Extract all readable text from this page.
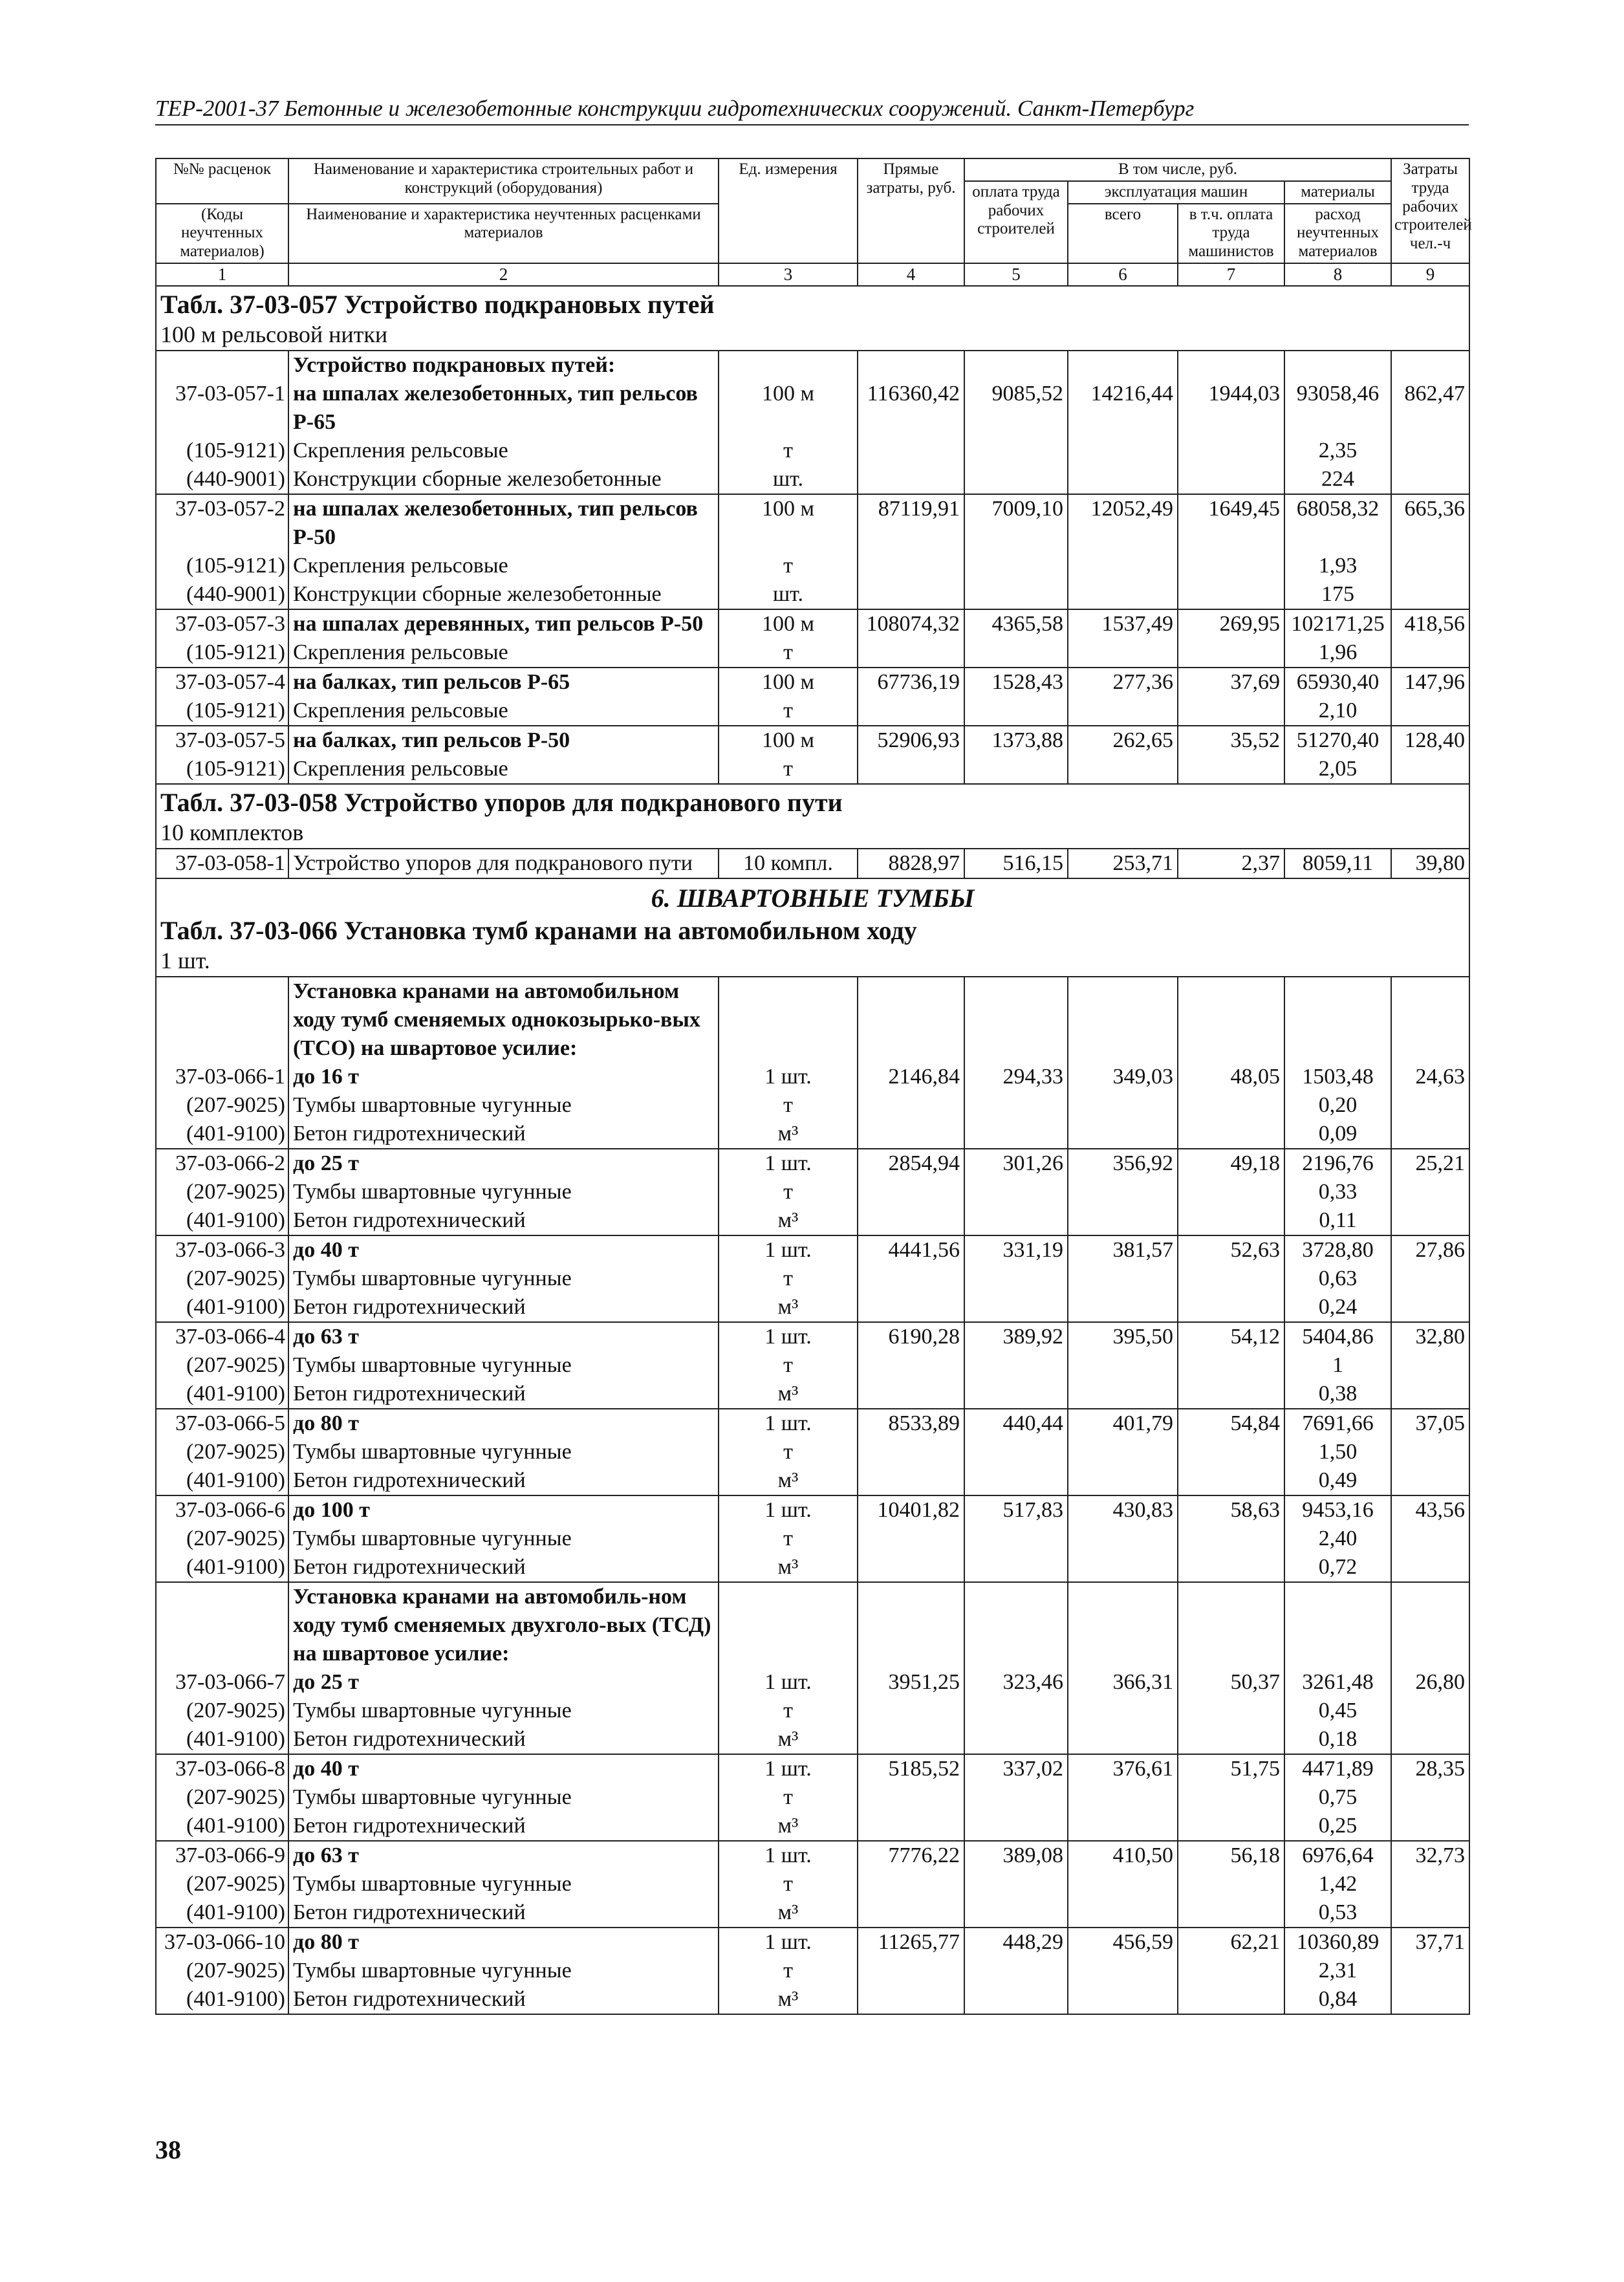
ТЕР-2001-37 Бетонные и железобетонные конструкции гидротехнических сооружений. Санкт-Петербург
№№ расценок	Наименование и характеристика строительных работ и конструкций (оборудования)	Ед. измерения	Прямые затраты, руб.	В том числе, руб.				Затраты труда рабочих строителей чел.-ч
				оплата труда рабочих строителей	эксплуатация машин		материалы	
(Коды неучтенных материалов)	Наименование и характеристика неучтенных расценками материалов				всего	в т.ч. оплата труда машинистов	расход неучтенных материалов	
1	2	3	4	5	6	7	8	9

Табл. 37-03-057 Устройство подкрановых путей
100 м рельсовой нитки								

	Устройство подкрановых путей:							
37-03-057-1	на шпалах железобетонных, тип рельсов Р-65	100 м	116360,42	9085,52	14216,44	1944,03	93058,46	862,47
(105-9121)	Скрепления рельсовые	т					2,35	
(440-9001)	Конструкции сборные железобетонные	шт.					224	
37-03-057-2	на шпалах железобетонных, тип рельсов Р-50	100 м	87119,91	7009,10	12052,49	1649,45	68058,32	665,36
(105-9121)	Скрепления рельсовые	т					1,93	
(440-9001)	Конструкции сборные железобетонные	шт.					175	
37-03-057-3	на шпалах деревянных, тип рельсов Р-50	100 м	108074,32	4365,58	1537,49	269,95	102171,25	418,56
(105-9121)	Скрепления рельсовые	т					1,96	
37-03-057-4	на балках, тип рельсов Р-65	100 м	67736,19	1528,43	277,36	37,69	65930,40	147,96
(105-9121)	Скрепления рельсовые	т					2,10	
37-03-057-5	на балках, тип рельсов Р-50	100 м	52906,93	1373,88	262,65	35,52	51270,40	128,40
(105-9121)	Скрепления рельсовые	т					2,05	

Табл. 37-03-058 Устройство упоров для подкранового пути
10 комплектов								

37-03-058-1	Устройство упоров для подкранового пути	10 компл.	8828,97	516,15	253,71	2,37	8059,11	39,80

6. ШВАРТОВНЫЕ ТУМБЫ
Табл. 37-03-066 Установка тумб кранами на автомобильном ходу
1 шт.								

	Установка кранами на автомобильном ходу тумб сменяемых однокозырько-вых (ТСО) на швартовое усилие:							
37-03-066-1	до 16 т	1 шт.	2146,84	294,33	349,03	48,05	1503,48	24,63
(207-9025)	Тумбы швартовные чугунные	т					0,20	
(401-9100)	Бетон гидротехнический	м³					0,09	
37-03-066-2	до 25 т	1 шт.	2854,94	301,26	356,92	49,18	2196,76	25,21
(207-9025)	Тумбы швартовные чугунные	т					0,33	
(401-9100)	Бетон гидротехнический	м³					0,11	
37-03-066-3	до 40 т	1 шт.	4441,56	331,19	381,57	52,63	3728,80	27,86
(207-9025)	Тумбы швартовные чугунные	т					0,63	
(401-9100)	Бетон гидротехнический	м³					0,24	
37-03-066-4	до 63 т	1 шт.	6190,28	389,92	395,50	54,12	5404,86	32,80
(207-9025)	Тумбы швартовные чугунные	т					1	
(401-9100)	Бетон гидротехнический	м³					0,38	
37-03-066-5	до 80 т	1 шт.	8533,89	440,44	401,79	54,84	7691,66	37,05
(207-9025)	Тумбы швартовные чугунные	т					1,50	
(401-9100)	Бетон гидротехнический	м³					0,49	
37-03-066-6	до 100 т	1 шт.	10401,82	517,83	430,83	58,63	9453,16	43,56
(207-9025)	Тумбы швартовные чугунные	т					2,40	
(401-9100)	Бетон гидротехнический	м³					0,72	
	Установка кранами на автомобиль-ном ходу тумб сменяемых двухголо-вых (ТСД) на швартовое усилие:							
37-03-066-7	до 25 т	1 шт.	3951,25	323,46	366,31	50,37	3261,48	26,80
(207-9025)	Тумбы швартовные чугунные	т					0,45	
(401-9100)	Бетон гидротехнический	м³					0,18	
37-03-066-8	до 40 т	1 шт.	5185,52	337,02	376,61	51,75	4471,89	28,35
(207-9025)	Тумбы швартовные чугунные	т					0,75	
(401-9100)	Бетон гидротехнический	м³					0,25	
37-03-066-9	до 63 т	1 шт.	7776,22	389,08	410,50	56,18	6976,64	32,73
(207-9025)	Тумбы швартовные чугунные	т					1,42	
(401-9100)	Бетон гидротехнический	м³					0,53	
37-03-066-10	до 80 т	1 шт.	11265,77	448,29	456,59	62,21	10360,89	37,71
(207-9025)	Тумбы швартовные чугунные	т					2,31	
(401-9100)	Бетон гидротехнический	м³					0,84	
38
